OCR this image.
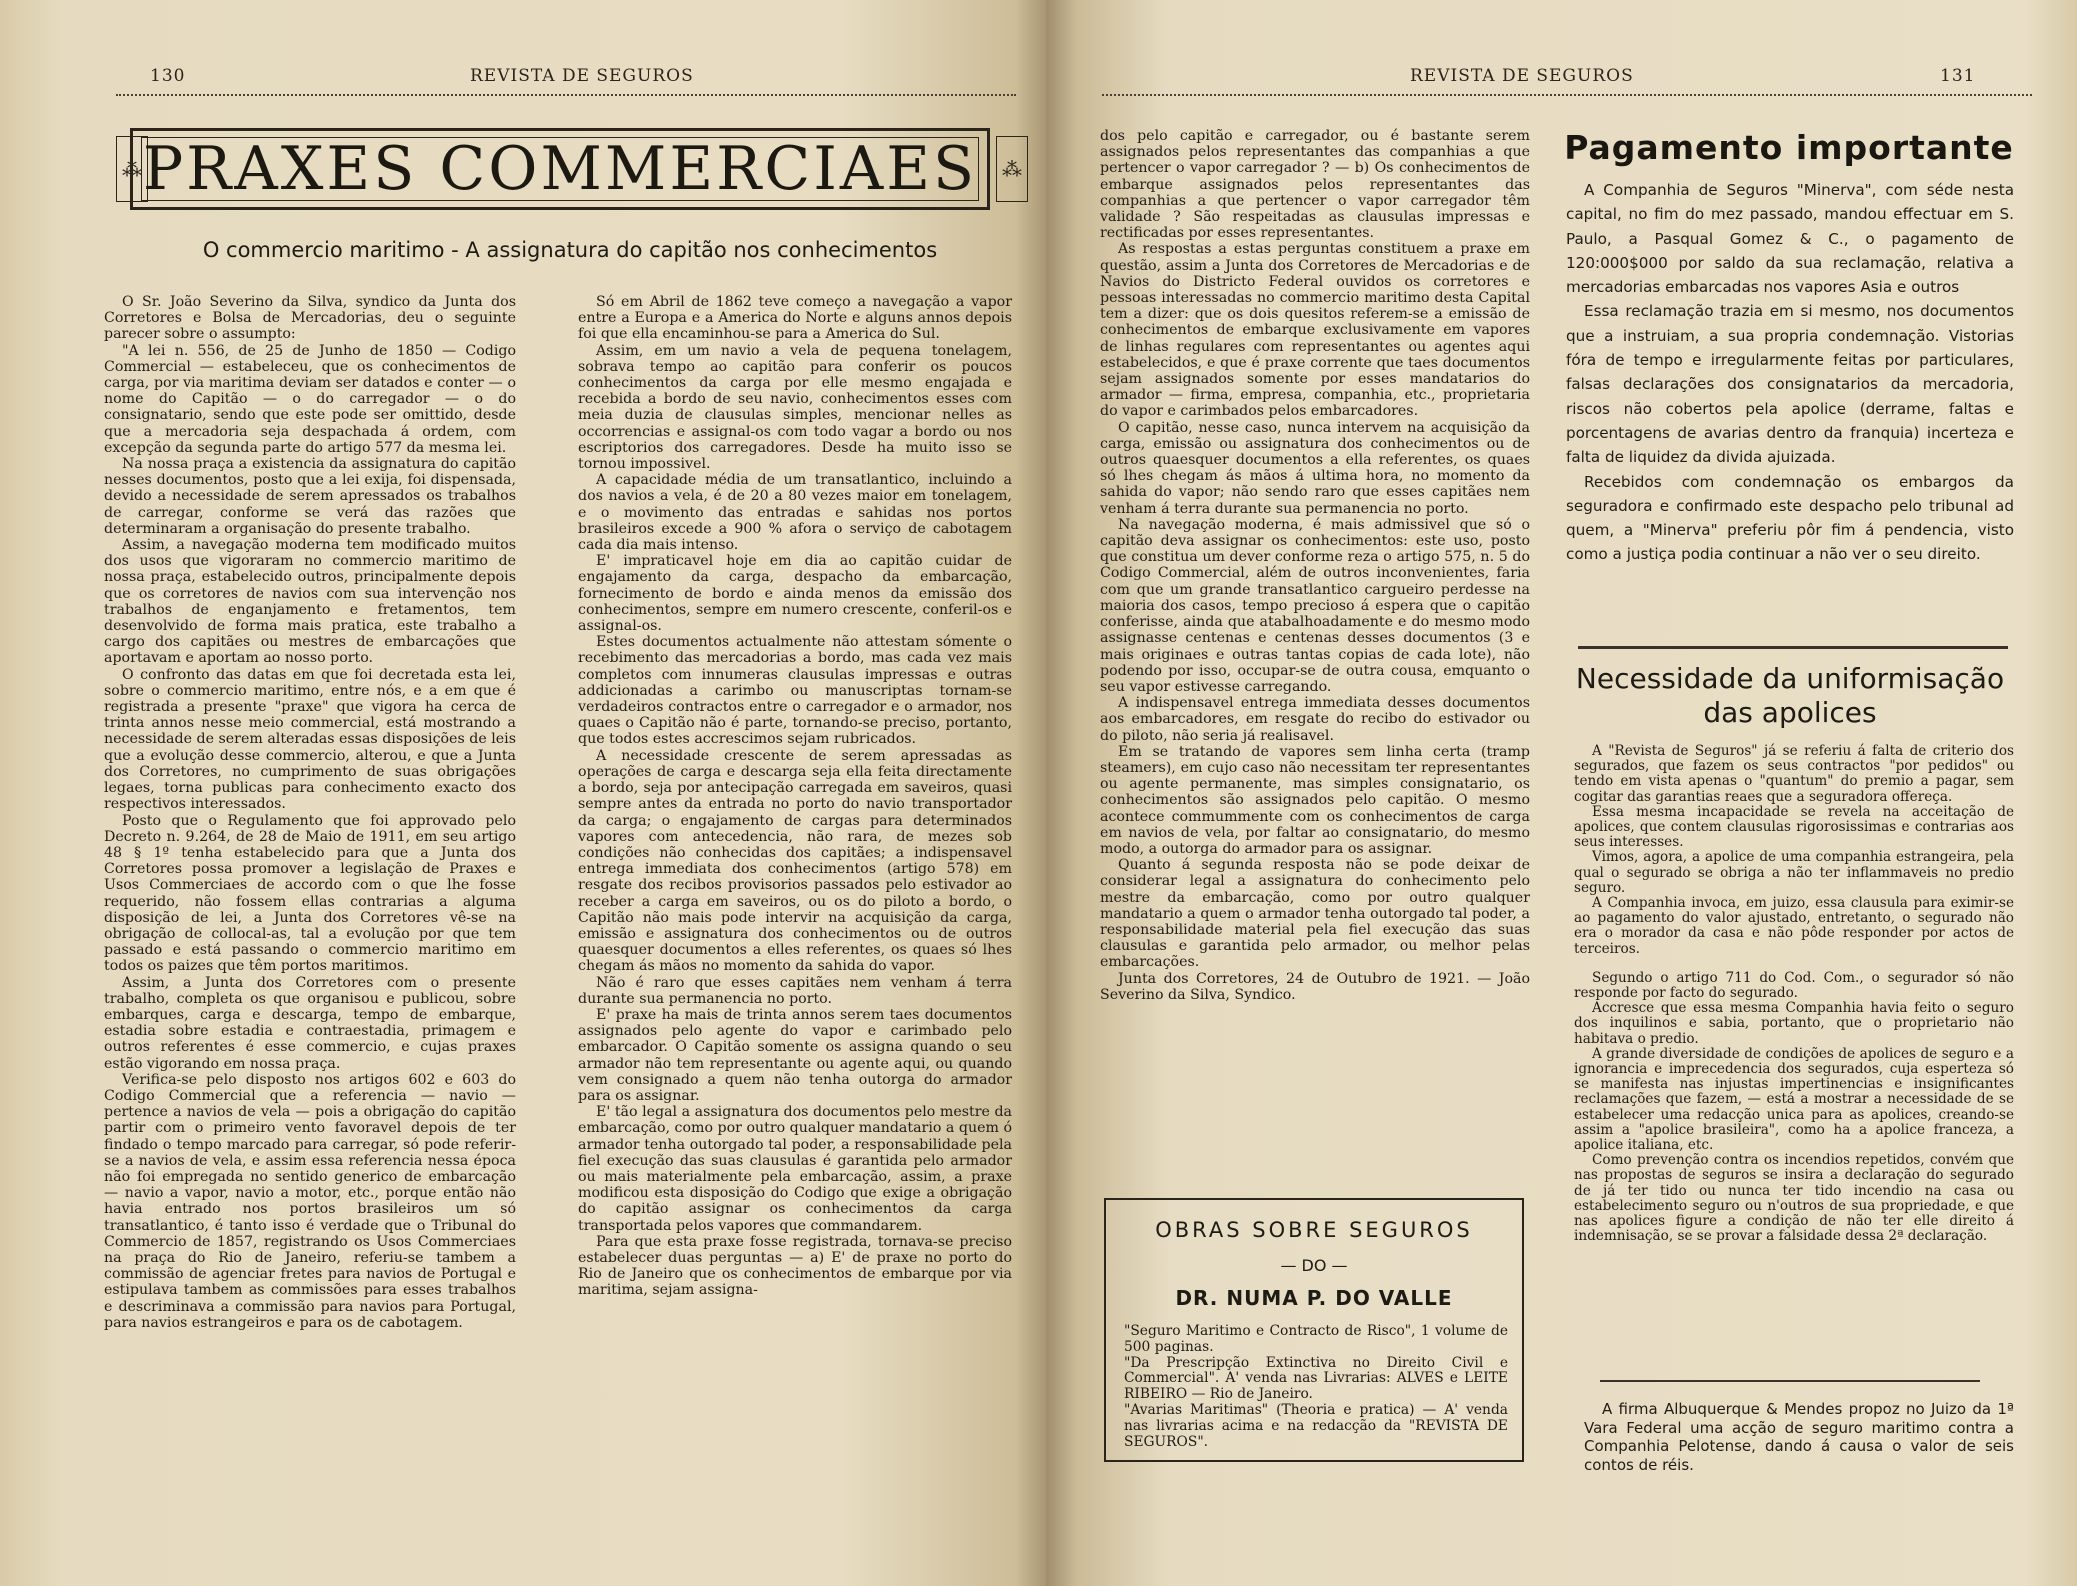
130	REVISTA DE SEGUROS
⁂ PRAXES COMMERCIAES	⁂
O commercio maritimo - A assignatura do capitão nos conhecimentos

O Sr. João Severino da Silva, syndico da Junta dos Corretores e Bolsa de Mercadorias, deu o seguinte parecer sobre o assumpto:

"A lei n. 556, de 25 de Junho de 1850 — Codigo Commercial — estabeleceu, que os conhecimentos de carga, por via maritima deviam ser datados e conter — o nome do Capitão — o do carregador — o do consignatario, sendo que este pode ser omittido, desde que a mercadoria seja despachada á ordem, com excepção da segunda parte do artigo 577 da mesma lei.

Na nossa praça a existencia da assignatura do capitão nesses documentos, posto que a lei exija, foi dispensada, devido a necessidade de serem apressados os trabalhos de carregar, conforme se verá das razões que determinaram a organisação do presente trabalho.

Assim, a navegação moderna tem modificado muitos dos usos que vigoraram no commercio maritimo de nossa praça, estabelecido outros, principalmente depois que os corretores de navios com sua intervenção nos trabalhos de enganjamento e fretamentos, tem desenvolvido de forma mais pratica, este trabalho a cargo dos capitães ou mestres de embarcações que aportavam e aportam ao nosso porto.

O confronto das datas em que foi decretada esta lei, sobre o commercio maritimo, entre nós, e a em que é registrada a presente "praxe" que vigora ha cerca de trinta annos nesse meio commercial, está mostrando a necessidade de serem alteradas essas disposições de leis que a evolução desse commercio, alterou, e que a Junta dos Corretores, no cumprimento de suas obrigações legaes, torna publicas para conhecimento exacto dos respectivos interessados.

Posto que o Regulamento que foi approvado pelo Decreto n. 9.264, de 28 de Maio de 1911, em seu artigo 48 § 1º tenha estabelecido para que a Junta dos Corretores possa promover a legislação de Praxes e Usos Commerciaes de accordo com o que lhe fosse requerido, não fossem ellas contrarias a alguma disposição de lei, a Junta dos Corretores vê-se na obrigação de collocal-as, tal a evolução por que tem passado e está passando o commercio maritimo em todos os paizes que têm portos maritimos.

Assim, a Junta dos Corretores com o presente trabalho, completa os que organisou e publicou, sobre embarques, carga e descarga, tempo de embarque, estadia sobre estadia e contraestadia, primagem e outros referentes é esse commercio, e cujas praxes estão vigorando em nossa praça.

Verifica-se pelo disposto nos artigos 602 e 603 do Codigo Commercial que a referencia — navio — pertence a navios de vela — pois a obrigação do capitão partir com o primeiro vento favoravel depois de ter findado o tempo marcado para carregar, só pode referir-se a navios de vela, e assim essa referencia nessa época não foi empregada no sentido generico de embarcação — navio a vapor, navio a motor, etc., porque então não havia entrado nos portos brasileiros um só transatlantico, é tanto isso é verdade que o Tribunal do Commercio de 1857, registrando os Usos Commerciaes na praça do Rio de Janeiro, referiu-se tambem a commissão de agenciar fretes para navios de Portugal e estipulava tambem as commissões para esses trabalhos e descriminava a commissão para navios para Portugal, para navios estrangeiros e para os de cabotagem.

Só em Abril de 1862 teve começo a navegação a vapor entre a Europa e a America do Norte e alguns annos depois foi que ella encaminhou-se para a America do Sul.

Assim, em um navio a vela de pequena tonelagem, sobrava tempo ao capitão para conferir os poucos conhecimentos da carga por elle mesmo engajada e recebida a bordo de seu navio, conhecimentos esses com meia duzia de clausulas simples, mencionar nelles as occorrencias e assignal-os com todo vagar a bordo ou nos escriptorios dos carregadores. Desde ha muito isso se tornou impossivel.

A capacidade média de um transatlantico, incluindo a dos navios a vela, é de 20 a 80 vezes maior em tonelagem, e o movimento das entradas e sahidas nos portos brasileiros excede a 900 % afora o serviço de cabotagem cada dia mais intenso.

E' impraticavel hoje em dia ao capitão cuidar de engajamento da carga, despacho da embarcação, fornecimento de bordo e ainda menos da emissão dos conhecimentos, sempre em numero crescente, conferil-os e assignal-os.

Estes documentos actualmente não attestam sómente o recebimento das mercadorias a bordo, mas cada vez mais completos com innumeras clausulas impressas e outras addicionadas a carimbo ou manuscriptas tornam-se verdadeiros contractos entre o carregador e o armador, nos quaes o Capitão não é parte, tornando-se preciso, portanto, que todos estes accrescimos sejam rubricados.

A necessidade crescente de serem apressadas as operações de carga e descarga seja ella feita directamente a bordo, seja por antecipação carregada em saveiros, quasi sempre antes da entrada no porto do navio transportador da carga; o engajamento de cargas para determinados vapores com antecedencia, não rara, de mezes sob condições não conhecidas dos capitães; a indispensavel entrega immediata dos conhecimentos (artigo 578) em resgate dos recibos provisorios passados pelo estivador ao receber a carga em saveiros, ou os do piloto a bordo, o Capitão não mais pode intervir na acquisição da carga, emissão e assignatura dos conhecimentos ou de outros quaesquer documentos a elles referentes, os quaes só lhes chegam ás mãos no momento da sahida do vapor.

Não é raro que esses capitães nem venham á terra durante sua permanencia no porto.

E' praxe ha mais de trinta annos serem taes documentos assignados pelo agente do vapor e carimbado pelo embarcador. O Capitão somente os assigna quando o seu armador não tem representante ou agente aqui, ou quando vem consignado a quem não tenha outorga do armador para os assignar.

E' tão legal a assignatura dos documentos pelo mestre da embarcação, como por outro qualquer mandatario a quem ó armador tenha outorgado tal poder, a responsabilidade pela fiel execução das suas clausulas é garantida pelo armador ou mais materialmente pela embarcação, assim, a praxe modificou esta disposição do Codigo que exige a obrigação do capitão assignar os conhecimentos da carga transportada pelos vapores que commandarem.

Para que esta praxe fosse registrada, tornava-se preciso estabelecer duas perguntas — a) E' de praxe no porto do Rio de Janeiro que os conhecimentos de embarque por via maritima, sejam assigna-

REVISTA DE SEGUROS	131

dos pelo capitão e carregador, ou é bastante serem assignados pelos representantes das companhias a que pertencer o vapor carregador ? — b) Os conhecimentos de embarque assignados pelos representantes das companhias a que pertencer o vapor carregador têm validade ? São respeitadas as clausulas impressas e rectificadas por esses representantes.

As respostas a estas perguntas constituem a praxe em questão, assim a Junta dos Corretores de Mercadorias e de Navios do Districto Federal ouvidos os corretores e pessoas interessadas no commercio maritimo desta Capital tem a dizer: que os dois quesitos referem-se a emissão de conhecimentos de embarque exclusivamente em vapores de linhas regulares com representantes ou agentes aqui estabelecidos, e que é praxe corrente que taes documentos sejam assignados somente por esses mandatarios do armador — firma, empresa, companhia, etc., proprietaria do vapor e carimbados pelos embarcadores.

O capitão, nesse caso, nunca intervem na acquisição da carga, emissão ou assignatura dos conhecimentos ou de outros quaesquer documentos a ella referentes, os quaes só lhes chegam ás mãos á ultima hora, no momento da sahida do vapor; não sendo raro que esses capitães nem venham á terra durante sua permanencia no porto.

Na navegação moderna, é mais admissivel que só o capitão deva assignar os conhecimentos: este uso, posto que constitua um dever conforme reza o artigo 575, n. 5 do Codigo Commercial, além de outros inconvenientes, faria com que um grande transatlantico cargueiro perdesse na maioria dos casos, tempo precioso á espera que o capitão conferisse, ainda que atabalhoadamente e do mesmo modo assignasse centenas e centenas desses documentos (3 e mais originaes e outras tantas copias de cada lote), não podendo por isso, occupar-se de outra cousa, emquanto o seu vapor estivesse carregando.

A indispensavel entrega immediata desses documentos aos embarcadores, em resgate do recibo do estivador ou do piloto, não seria já realisavel.

Em se tratando de vapores sem linha certa (tramp steamers), em cujo caso não necessitam ter representantes ou agente permanente, mas simples consignatario, os conhecimentos são assignados pelo capitão. O mesmo acontece commummente com os conhecimentos de carga em navios de vela, por faltar ao consignatario, do mesmo modo, a outorga do armador para os assignar.

Quanto á segunda resposta não se pode deixar de considerar legal a assignatura do conhecimento pelo mestre da embarcação, como por outro qualquer mandatario a quem o armador tenha outorgado tal poder, a responsabilidade material pela fiel execução das suas clausulas e garantida pelo armador, ou melhor pelas embarcações.

Junta dos Corretores, 24 de Outubro de 1921. — João Severino da Silva, Syndico.

OBRAS SOBRE SEGUROS
— DO —
DR. NUMA P. DO VALLE

"Seguro Maritimo e Contracto de Risco", 1 volume de 500 paginas.

"Da Prescripção Extinctiva no Direito Civil e Commercial". A' venda nas Livrarias: ALVES e LEITE RIBEIRO — Rio de Janeiro.

"Avarias Maritimas" (Theoria e pratica) — A' venda nas livrarias acima e na redacção da "REVISTA DE SEGUROS".

Pagamento importante

A Companhia de Seguros "Minerva", com séde nesta capital, no fim do mez passado, mandou effectuar em S. Paulo, a Pasqual Gomez & C., o pagamento de 120:000$000 por saldo da sua reclamação, relativa a mercadorias embarcadas nos vapores Asia e outros

Essa reclamação trazia em si mesmo, nos documentos que a instruiam, a sua propria condemnação. Vistorias fóra de tempo e irregularmente feitas por particulares, falsas declarações dos consignatarios da mercadoria, riscos não cobertos pela apolice (derrame, faltas e porcentagens de avarias dentro da franquia) incerteza e falta de liquidez da divida ajuizada.

Recebidos com condemnação os embargos da seguradora e confirmado este despacho pelo tribunal ad quem, a "Minerva" preferiu pôr fim á pendencia, visto como a justiça podia continuar a não ver o seu direito.

Necessidade da uniformisação
das apolices

A "Revista de Seguros" já se referiu á falta de criterio dos segurados, que fazem os seus contractos "por pedidos" ou tendo em vista apenas o "quantum" do premio a pagar, sem cogitar das garantias reaes que a seguradora offereça.

Essa mesma incapacidade se revela na acceitação de apolices, que contem clausulas rigorosissimas e contrarias aos seus interesses.

Vimos, agora, a apolice de uma companhia estrangeira, pela qual o segurado se obriga a não ter inflammaveis no predio seguro.

A Companhia invoca, em juizo, essa clausula para eximir-se ao pagamento do valor ajustado, entretanto, o segurado não era o morador da casa e não pôde responder por actos de terceiros.

Segundo o artigo 711 do Cod. Com., o segurador só não responde por facto do segurado.

Accresce que essa mesma Companhia havia feito o seguro dos inquilinos e sabia, portanto, que o proprietario não habitava o predio.

A grande diversidade de condições de apolices de seguro e a ignorancia e imprecedencia dos segurados, cuja esperteza só se manifesta nas injustas impertinencias e insignificantes reclamações que fazem, — está a mostrar a necessidade de se estabelecer uma redacção unica para as apolices, creando-se assim a "apolice brasileira", como ha a apolice franceza, a apolice italiana, etc.

Como prevenção contra os incendios repetidos, convém que nas propostas de seguros se insira a declaração do segurado de já ter tido ou nunca ter tido incendio na casa ou estabelecimento seguro ou n'outros de sua propriedade, e que nas apolices figure a condição de não ter elle direito á indemnisação, se se provar a falsidade dessa 2ª declaração.

A firma Albuquerque & Mendes propoz no Juizo da 1ª Vara Federal uma acção de seguro maritimo contra a Companhia Pelotense, dando á causa o valor de seis contos de réis.
